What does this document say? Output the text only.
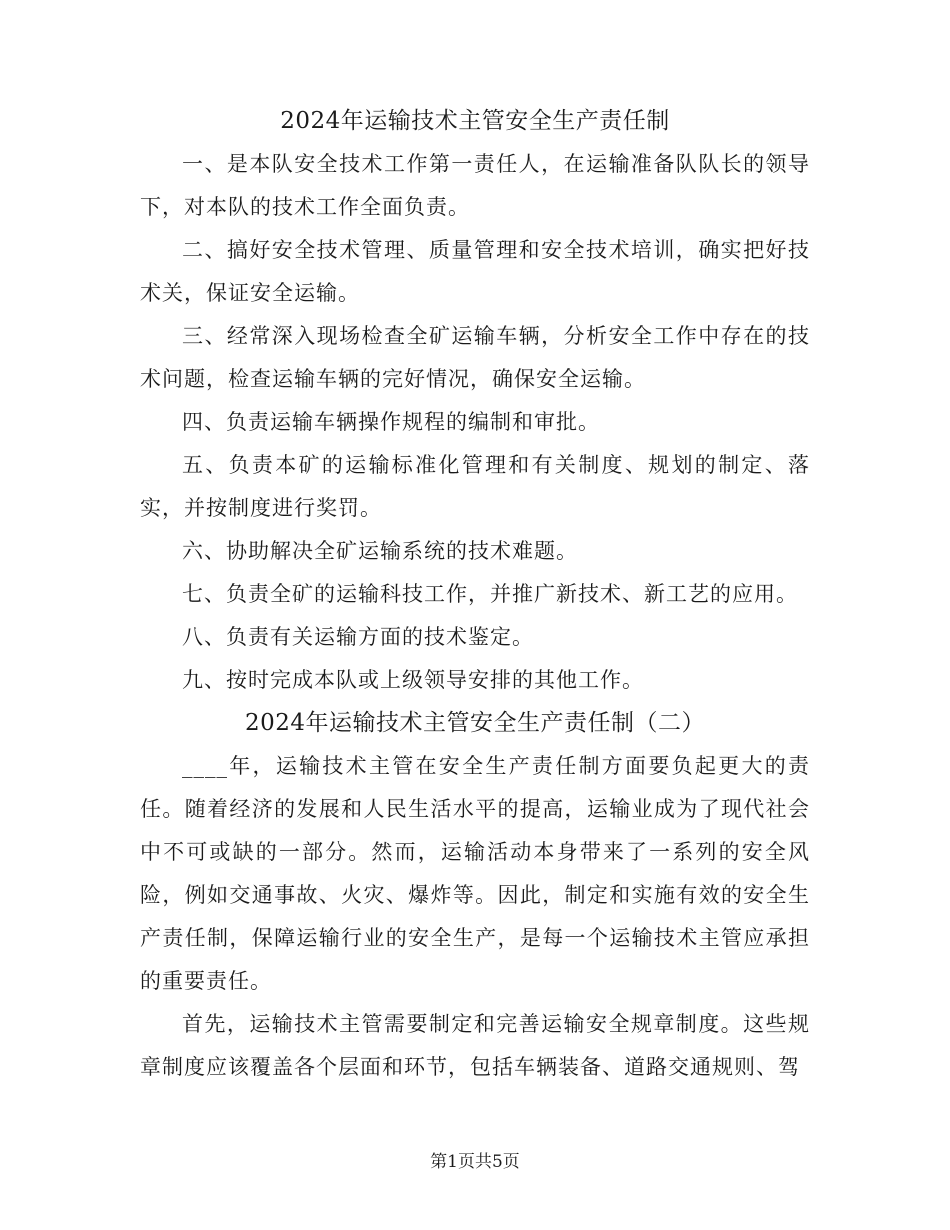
2024年运输技术主管安全生产责任制

一、是本队安全技术工作第一责任人，在运输准备队队长的领导下，对本队的技术工作全面负责。

二、搞好安全技术管理、质量管理和安全技术培训，确实把好技术关，保证安全运输。

三、经常深入现场检查全矿运输车辆，分析安全工作中存在的技术问题，检查运输车辆的完好情况，确保安全运输。

四、负责运输车辆操作规程的编制和审批。

五、负责本矿的运输标准化管理和有关制度、规划的制定、落实，并按制度进行奖罚。

六、协助解决全矿运输系统的技术难题。

七、负责全矿的运输科技工作，并推广新技术、新工艺的应用。

八、负责有关运输方面的技术鉴定。

九、按时完成本队或上级领导安排的其他工作。

2024年运输技术主管安全生产责任制（二）

____年，运输技术主管在安全生产责任制方面要负起更大的责任。随着经济的发展和人民生活水平的提高，运输业成为了现代社会中不可或缺的一部分。然而，运输活动本身带来了一系列的安全风险，例如交通事故、火灾、爆炸等。因此，制定和实施有效的安全生产责任制，保障运输行业的安全生产，是每一个运输技术主管应承担的重要责任。

首先，运输技术主管需要制定和完善运输安全规章制度。这些规章制度应该覆盖各个层面和环节，包括车辆装备、道路交通规则、驾

第1页共5页
